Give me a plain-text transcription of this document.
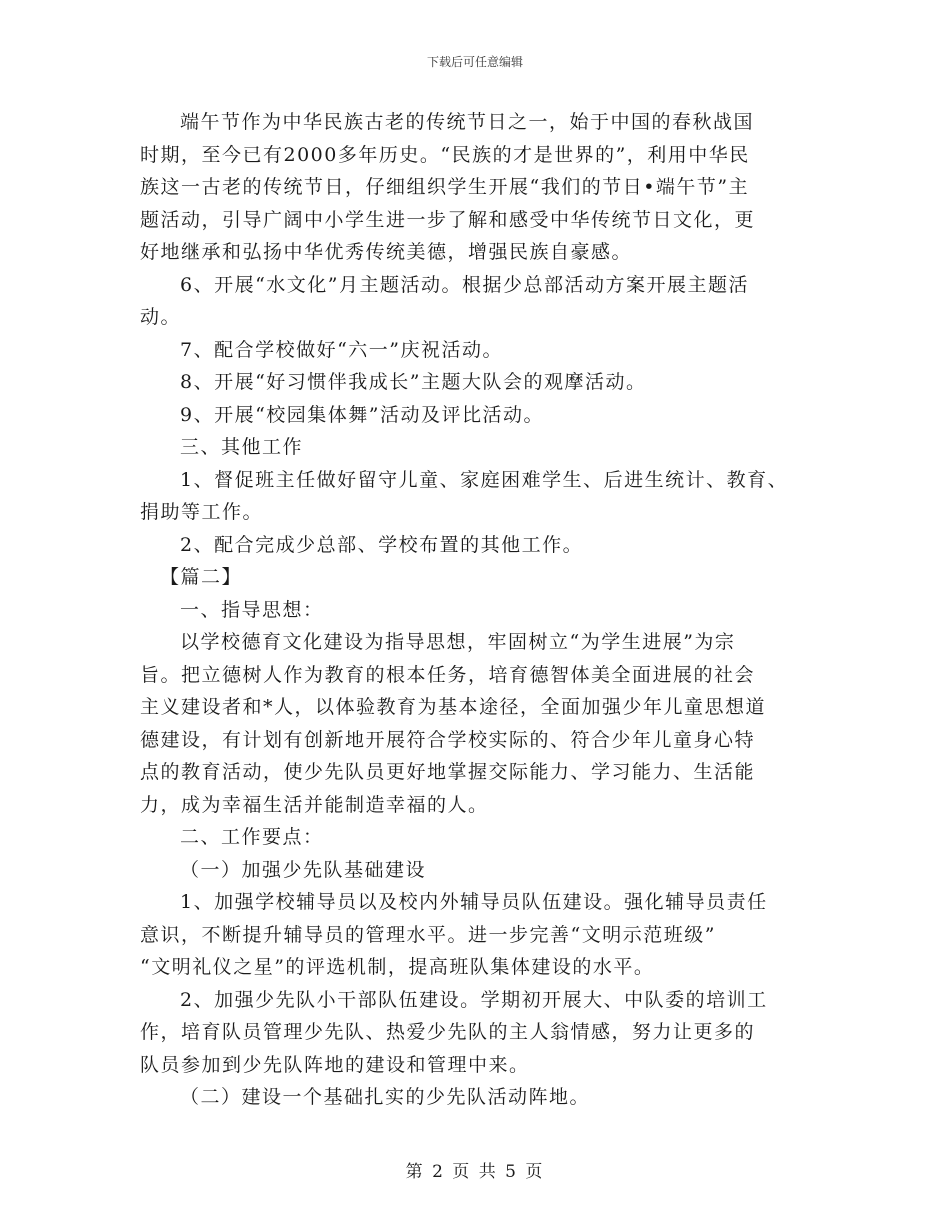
下载后可任意编辑
端午节作为中华民族古老的传统节日之一，始于中国的春秋战国
时期，至今已有2000多年历史。“民族的才是世界的”，利用中华民
族这一古老的传统节日，仔细组织学生开展“我们的节日•端午节”主
题活动，引导广阔中小学生进一步了解和感受中华传统节日文化，更
好地继承和弘扬中华优秀传统美德，增强民族自豪感。
6、开展“水文化”月主题活动。根据少总部活动方案开展主题活
动。
7、配合学校做好“六一”庆祝活动。
8、开展“好习惯伴我成长”主题大队会的观摩活动。
9、开展“校园集体舞”活动及评比活动。
三、其他工作
1、督促班主任做好留守儿童、家庭困难学生、后进生统计、教育、
捐助等工作。
2、配合完成少总部、学校布置的其他工作。
【篇二】
一、指导思想：
以学校德育文化建设为指导思想，牢固树立“为学生进展”为宗
旨。把立德树人作为教育的根本任务，培育德智体美全面进展的社会
主义建设者和*人，以体验教育为基本途径，全面加强少年儿童思想道
德建设，有计划有创新地开展符合学校实际的、符合少年儿童身心特
点的教育活动，使少先队员更好地掌握交际能力、学习能力、生活能
力，成为幸福生活并能制造幸福的人。
二、工作要点：
（一）加强少先队基础建设
1、加强学校辅导员以及校内外辅导员队伍建设。强化辅导员责任
意识，不断提升辅导员的管理水平。进一步完善“文明示范班级”
“文明礼仪之星”的评选机制，提高班队集体建设的水平。
2、加强少先队小干部队伍建设。学期初开展大、中队委的培训工
作，培育队员管理少先队、热爱少先队的主人翁情感，努力让更多的
队员参加到少先队阵地的建设和管理中来。
（二）建设一个基础扎实的少先队活动阵地。
第 2 页 共 5 页
